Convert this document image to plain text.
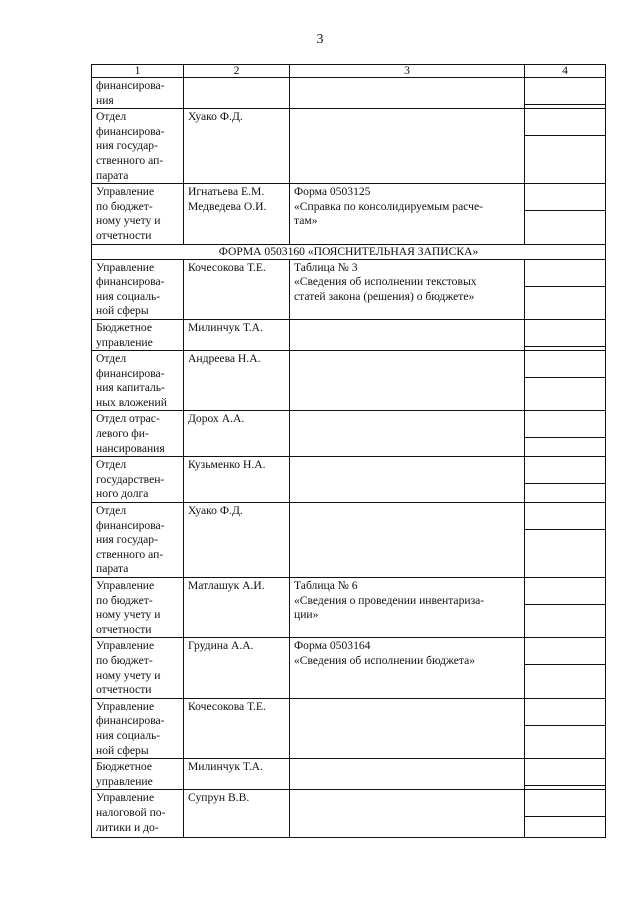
3
1	2	3	4

финансирова-
ния			

Отдел
финансирова-
ния государ-
ственного ап-
парата	Хуако Ф.Д.		

Управление
по бюджет-
ному учету и
отчетности	Игнатьева Е.М.
Медведева О.И.	Форма 0503125
«Справка по консолидируемым расче-
там»	

ФОРМА 0503160 «ПОЯСНИТЕЛЬНАЯ ЗАПИСКА»			

Управление
финансирова-
ния социаль-
ной сферы	Кочесокова Т.Е.	Таблица № 3
«Сведения об исполнении текстовых
статей закона (решения) о бюджете»	

Бюджетное
управление	Милинчук Т.А.		

Отдел
финансирова-
ния капиталь-
ных вложений	Андреева Н.А.		

Отдел отрас-
левого фи-
нансирования	Дорох А.А.		

Отдел
государствен-
ного долга	Кузьменко Н.А.		

Отдел
финансирова-
ния государ-
ственного ап-
парата	Хуако Ф.Д.		

Управление
по бюджет-
ному учету и
отчетности	Матлашук А.И.	Таблица № 6
«Сведения о проведении инвентаризa-
ции»	

Управление
по бюджет-
ному учету и
отчетности	Грудина А.А.	Форма 0503164
«Сведения об исполнении бюджета»	

Управление
финансирова-
ния социаль-
ной сферы	Кочесокова Т.Е.		

Бюджетное
управление	Милинчук Т.А.		

Управление
налоговой по-
литики и до-	Супрун В.В.		
